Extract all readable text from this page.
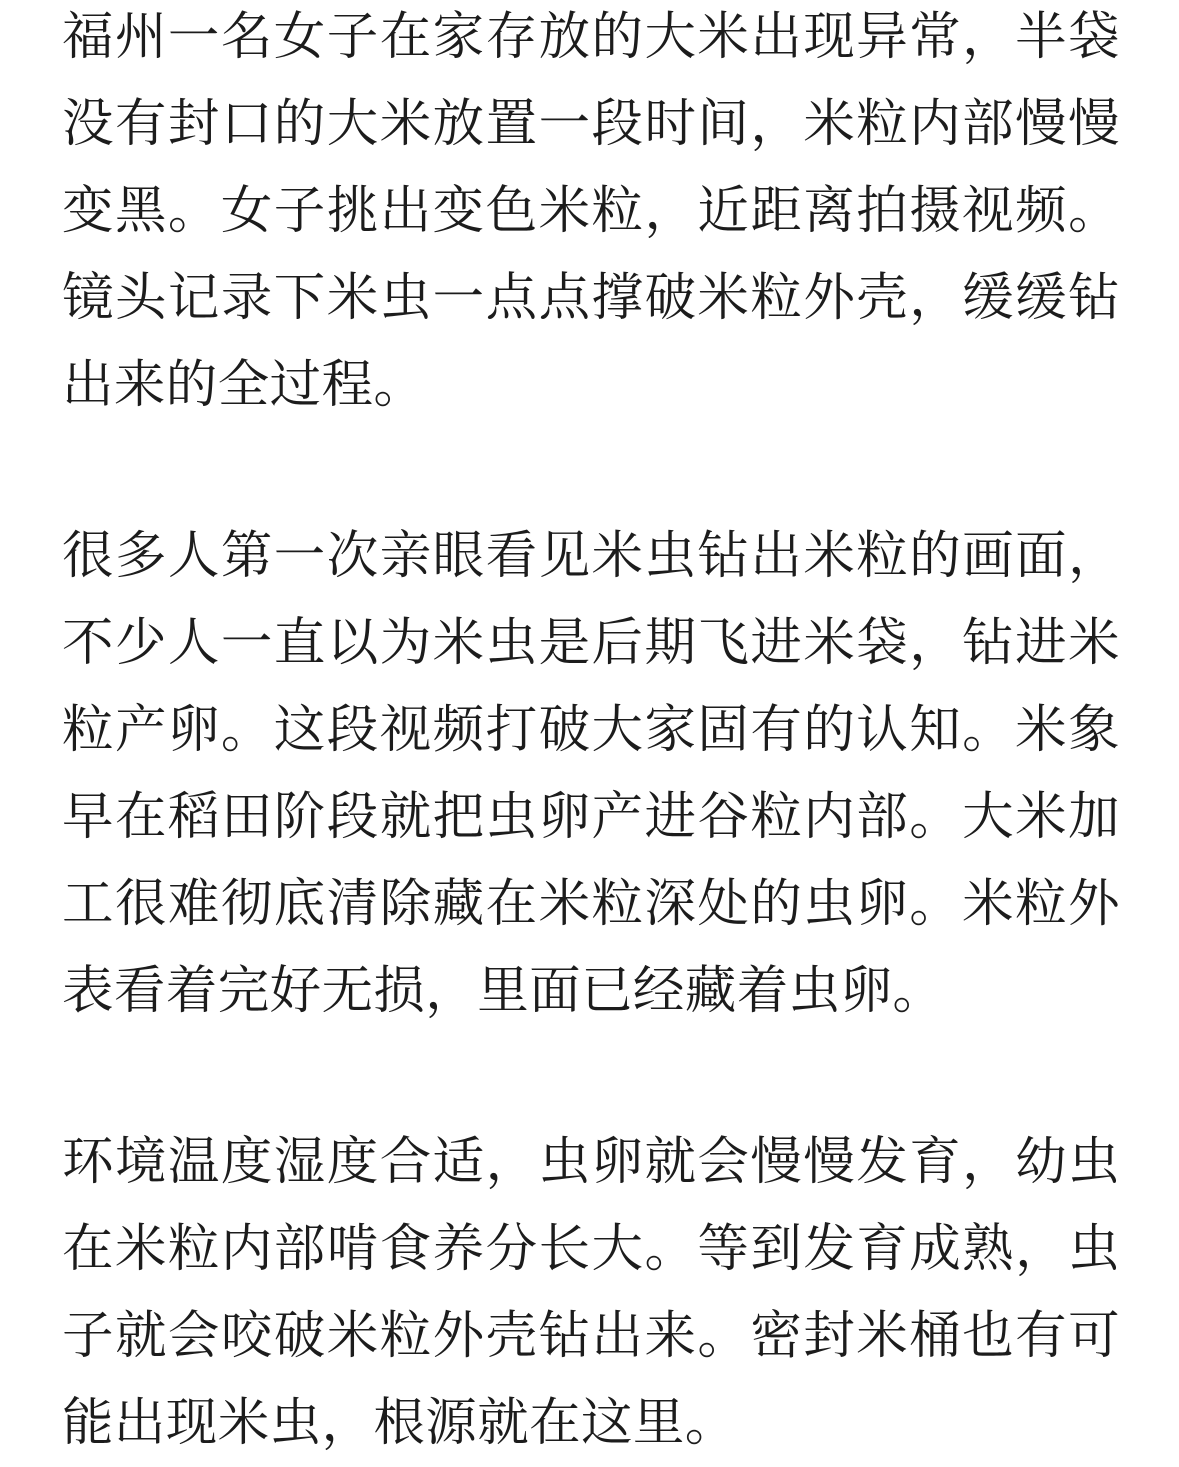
福州一名女子在家存放的大米出现异常，半袋没有封口的大米放置一段时间，米粒内部慢慢变黑。女子挑出变色米粒，近距离拍摄视频。镜头记录下米虫一点点撑破米粒外壳，缓缓钻出来的全过程。

很多人第一次亲眼看见米虫钻出米粒的画面，不少人一直以为米虫是后期飞进米袋，钻进米粒产卵。这段视频打破大家固有的认知。米象早在稻田阶段就把虫卵产进谷粒内部。大米加工很难彻底清除藏在米粒深处的虫卵。米粒外表看着完好无损，里面已经藏着虫卵。

环境温度湿度合适，虫卵就会慢慢发育，幼虫在米粒内部啃食养分长大。等到发育成熟，虫子就会咬破米粒外壳钻出来。密封米桶也有可能出现米虫，根源就在这里。
